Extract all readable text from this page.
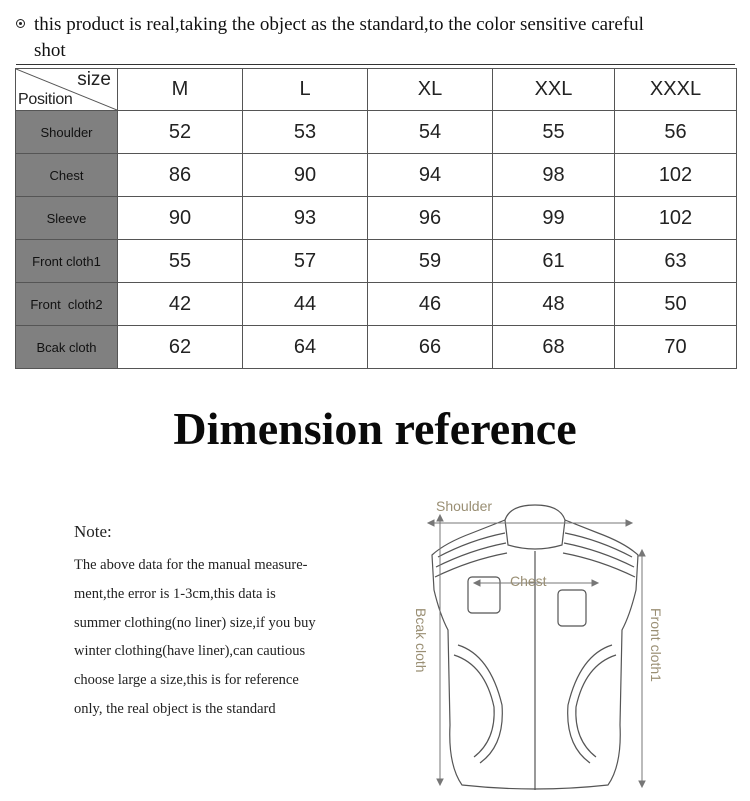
this product is real,taking the object as the standard,to the color sensitive careful
shot
size
Position	M	L	XL	XXL	XXXL
Shoulder	52	53	54	55	56
Chest	86	90	94	98	102
Sleeve	90	93	96	99	102
Front cloth1	55	57	59	61	63
Front  cloth2	42	44	46	48	50
Bcak cloth	62	64	66	68	70
Dimension reference
Note:
The above data for the manual measure-
ment,the error is 1-3cm,this data is
summer clothing(no liner) size,if you buy
winter clothing(have liner),can cautious
choose large a size,this is for reference
only, the real object is the standard
Shoulder
Chest
Bcak cloth	Front cloth1
